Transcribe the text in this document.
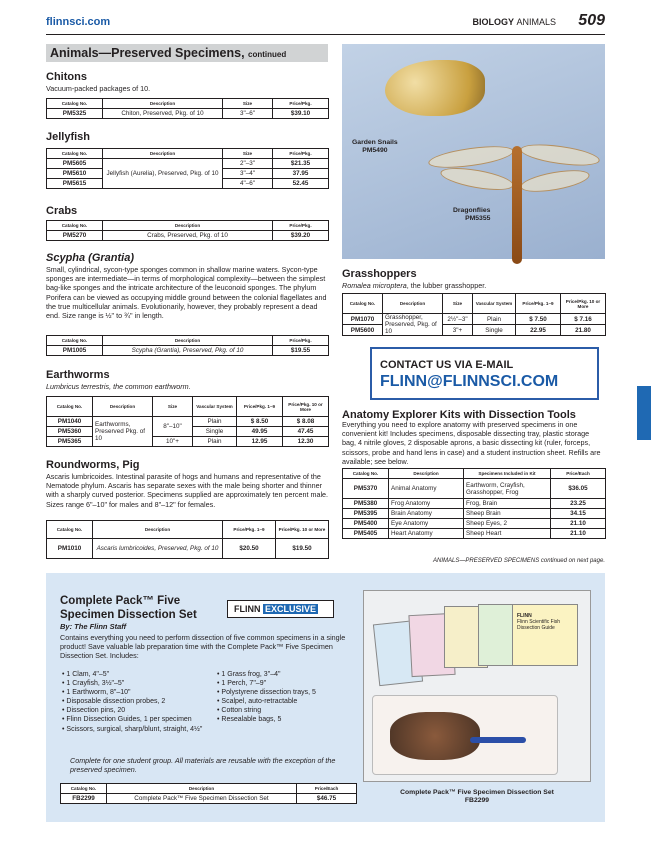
flinnsci.com	BIOLOGY ANIMALS 509
Animals—Preserved Specimens, continued
Chitons
Vacuum-packed packages of 10.
Catalog No.	Description	Size	Price/Pkg.
PM5325	Chiton, Preserved, Pkg. of 10	3"–6"	$39.10
Jellyfish
Catalog No.	Description	Size	Price/Pkg.
PM5605	Jellyfish (Aurelia), Preserved, Pkg. of 10	2"–3"	$21.35
PM5610		3"–4"	37.95
PM5615		4"–6"	52.45
Crabs
Catalog No.	Description	Price/Pkg.
PM5270	Crabs, Preserved, Pkg. of 10	$39.20
Scypha (Grantia)
Small, cylindrical, sycon-type sponges common in shallow marine waters. Sycon-type sponges are intermediate—in terms of morphological complexity—between the simplest bag-like sponges and the intricate architecture of the leuconoid sponges. The phylum Porifera can be viewed as occupying middle ground between the colonial flagellates and the true multicellular animals. Evolutionarily, however, they probably represent a dead end. Size range is ½" to ¾" in length.
Catalog No.	Description	Price/Pkg.
PM1005	Scypha (Grantia), Preserved, Pkg. of 10	$19.55
Earthworms
Lumbricus terrestris, the common earthworm.
Catalog No.	Description	Size	Vascular System	Price/Pkg. 1–9	Price/Pkg. 10 or More
PM1040	Earthworms, Preserved Pkg. of 10	8"–10"	Plain	$ 8.50	$ 8.08
PM5360			Single	49.95	47.45
PM5365		10"+	Plain	12.95	12.30
Roundworms, Pig
Ascaris lumbricoides. Intestinal parasite of hogs and humans and representative of the Nematode phylum. Ascaris has separate sexes with the male being shorter and thinner with a sharply curved posterior. Specimens supplied are approximately ten percent male. Sizes range 6"–10" for males and 8"–12" for females.
Catalog No.	Description	Price/Pkg. 1–9	Price/Pkg. 10 or More
PM1010	Ascaris lumbricoides, Preserved, Pkg. of 10	$20.50	$19.50
Garden Snails
PM5490
Dragonflies
PM5355
Grasshoppers
Romalea microptera, the lubber grasshopper.
Catalog No.	Description	Size	Vascular System	Price/Pkg. 1–9	Price/Pkg. 10 or More
PM1070	Grasshopper, Preserved, Pkg. of 10	2½"–3"	Plain	$ 7.50	$ 7.16
PM5600		3"+	Single	22.95	21.80
CONTACT US VIA E-MAIL
FLINN@FLINNSCI.COM
Anatomy Explorer Kits with Dissection Tools
Everything you need to explore anatomy with preserved specimens in one convenient kit! Includes specimens, disposable dissecting tray, plastic storage bag, 4 nitrile gloves, 2 disposable aprons, a basic dissecting kit (ruler, forceps, scissors, probe and hand lens in case) and a student instruction sheet. Refills are available; see below.
Catalog No.	Description	Specimens Included in Kit	Price/Each
PM5370	Animal Anatomy	Earthworm, Crayfish, Grasshopper, Frog	$36.05
PM5380	Frog Anatomy	Frog, Brain	23.25
PM5395	Brain Anatomy	Sheep Brain	34.15
PM5400	Eye Anatomy	Sheep Eyes, 2	21.10
PM5405	Heart Anatomy	Sheep Heart	21.10
ANIMALS—PRESERVED SPECIMENS continued on next page.
Complete Pack™ Five
Specimen Dissection Set	FLINN EXCLUSIVE
By: The Flinn Staff
Contains everything you need to perform dissection of five common specimens in a single product! Save valuable lab preparation time with the Complete Pack™ Five Specimen Dissection Set. Includes:
• 1 Clam, 4"–5"
• 1 Crayfish, 3½"–5"
• 1 Earthworm, 8"–10"
• Disposable dissection probes, 2
• Dissection pins, 20
• Flinn Dissection Guides, 1 per specimen
• Scissors, surgical, sharp/blunt, straight, 4½"
• 1 Grass frog, 3"–4"
• 1 Perch, 7"–9"
• Polystyrene dissection trays, 5
• Scalpel, auto-retractable
• Cotton string
• Resealable bags, 5
Complete for one student group. All materials are reusable with the exception of the preserved specimen.
Catalog No.	Description	Price/Each
FB2299	Complete Pack™ Five Specimen Dissection Set	$46.75
FLINN
Flinn Scientific Fish Dissection Guide
Complete Pack™ Five Specimen Dissection Set
FB2299
